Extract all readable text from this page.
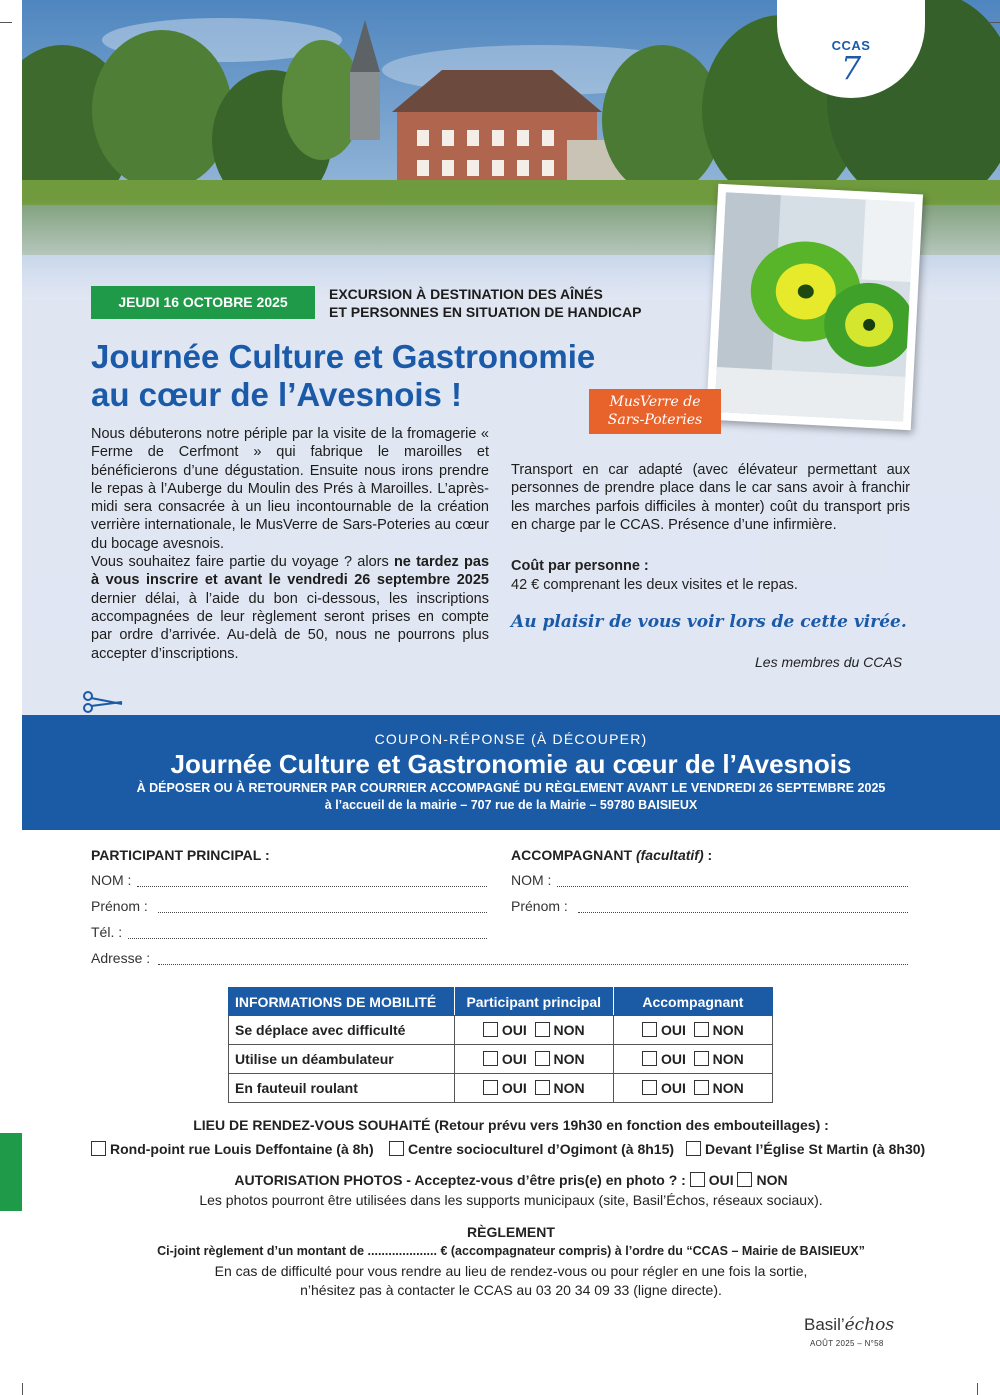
CCAS
7
JEUDI 16 OCTOBRE 2025	EXCURSION À DESTINATION DES AÎNÉS
ET PERSONNES EN SITUATION DE HANDICAP
Journée Culture et Gastronomie
au cœur de l’Avesnois !	MusVerre de
Sars-Poteries

Nous débuterons notre périple par la visite de la fromagerie « Ferme de Cerfmont » qui fabrique le maroilles et bénéficierons d’une dégustation. Ensuite nous irons prendre le repas à l’Auberge du Moulin des Prés à Maroilles. L’après-midi sera consacrée à un lieu incontournable de la création verrière internationale, le MusVerre de Sars-Poteries au cœur du bocage avesnois.

Vous souhaitez faire partie du voyage ? alors ne tardez pas à vous inscrire et avant le vendredi 26 septembre 2025 dernier délai, à l’aide du bon ci-dessous, les inscriptions accompagnées de leur règlement seront prises en compte par ordre d’arrivée. Au-delà de 50, nous ne pourrons plus accepter d’inscriptions.

Transport en car adapté (avec élévateur permettant aux personnes de prendre place dans le car sans avoir à franchir les marches parfois difficiles à monter) coût du transport pris en charge par le CCAS. Présence d’une infirmière.

Coût par personne :
42 € comprenant les deux visites et le repas.
Au plaisir de vous voir lors de cette virée.
Les membres du CCAS
COUPON-RÉPONSE (À DÉCOUPER)
Journée Culture et Gastronomie au cœur de l’Avesnois
À DÉPOSER OU À RETOURNER PAR COURRIER ACCOMPAGNÉ DU RÈGLEMENT AVANT LE VENDREDI 26 SEPTEMBRE 2025
à l’accueil de la mairie – 707 rue de la Mairie – 59780 BAISIEUX
PARTICIPANT PRINCIPAL :	ACCOMPAGNANT (facultatif) :
NOM :
Prénom :
Tél. :
Adresse :
NOM :
Prénom :
INFORMATIONS DE MOBILITÉ	Participant principal	Accompagnant
Se déplace avec difficulté	OUI NON	OUI NON
Utilise un déambulateur	OUI NON	OUI NON
En fauteuil roulant	OUI NON	OUI NON
LIEU DE RENDEZ-VOUS SOUHAITÉ (Retour prévu vers 19h30 en fonction des embouteillages) :
Rond-point rue Louis Deffontaine (à 8h)	Centre socioculturel d’Ogimont (à 8h15)	Devant l’Église St Martin (à 8h30)
AUTORISATION PHOTOS - Acceptez-vous d’être pris(e) en photo ? : OUI NON
Les photos pourront être utilisées dans les supports municipaux (site, Basil’Échos, réseaux sociaux).
RÈGLEMENT
Ci-joint règlement d’un montant de .................... € (accompagnateur compris) à l’ordre du “CCAS – Mairie de BAISIEUX”
En cas de difficulté pour vous rendre au lieu de rendez-vous ou pour régler en une fois la sortie,
n’hésitez pas à contacter le CCAS au 03 20 34 09 33 (ligne directe).
Basil’échos
AOÛT 2025 – N°58
